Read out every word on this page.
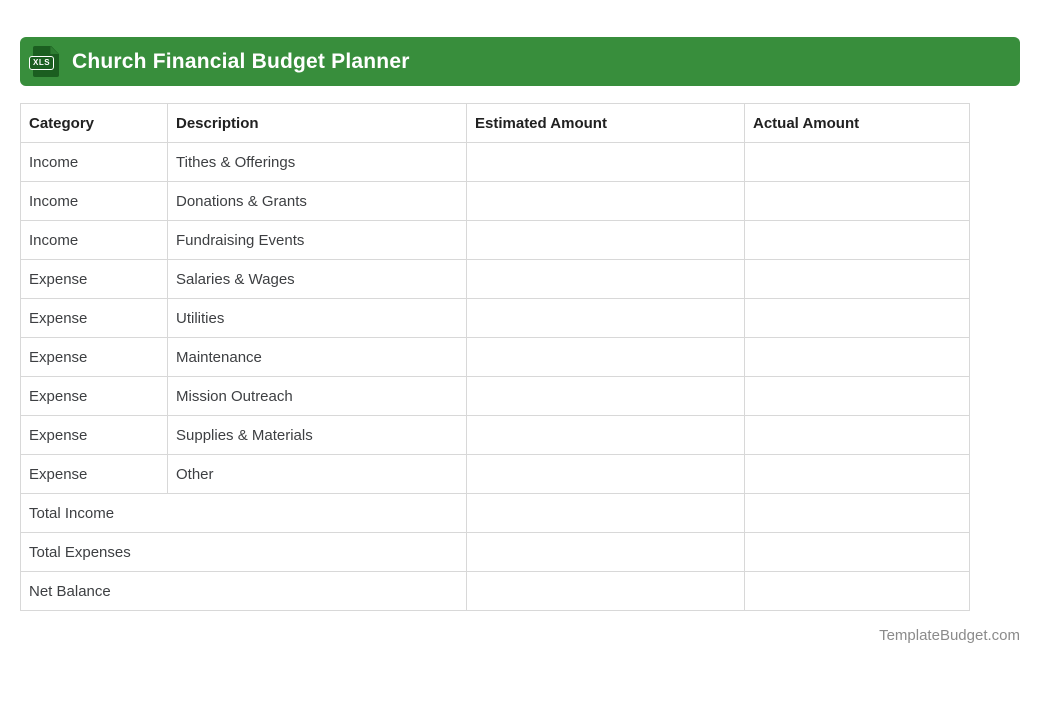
XLS Church Financial Budget Planner
Category	Description	Estimated Amount	Actual Amount
Income	Tithes & Offerings		
Income	Donations & Grants		
Income	Fundraising Events		
Expense	Salaries & Wages		
Expense	Utilities		
Expense	Maintenance		
Expense	Mission Outreach		
Expense	Supplies & Materials		
Expense	Other		
Total Income			
Total Expenses			
Net Balance			
TemplateBudget.com
